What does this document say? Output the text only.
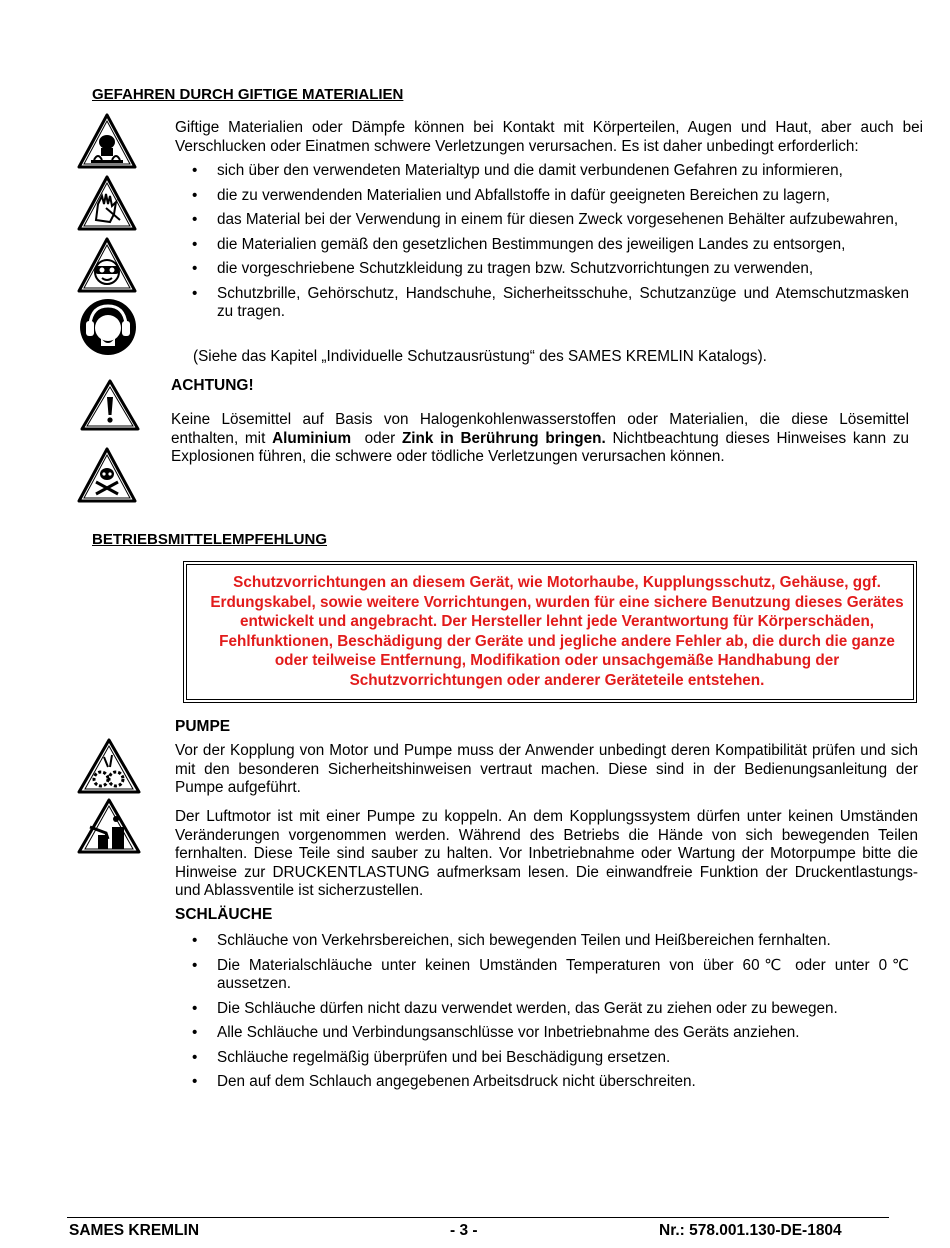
GEFAHREN DURCH GIFTIGE MATERIALIEN
Giftige Materialien oder Dämpfe können bei Kontakt mit Körperteilen, Augen und Haut, aber auch bei Verschlucken oder Einatmen schwere Verletzungen verursachen. Es ist daher unbedingt erforderlich:
• sich über den verwendeten Materialtyp und die damit verbundenen Gefahren zu informieren,
• die zu verwendenden Materialien und Abfallstoffe in dafür geeigneten Bereichen zu lagern,
• das Material bei der Verwendung in einem für diesen Zweck vorgesehenen Behälter aufzubewahren,
• die Materialien gemäß den gesetzlichen Bestimmungen des jeweiligen Landes zu entsorgen,
• die vorgeschriebene Schutzkleidung zu tragen bzw. Schutzvorrichtungen zu verwenden,
• Schutzbrille, Gehörschutz, Handschuhe, Sicherheitsschuhe, Schutzanzüge und Atemschutzmasken zu tragen.
(Siehe das Kapitel „Individuelle Schutzausrüstung“ des SAMES KREMLIN Katalogs).
ACHTUNG!
Keine Lösemittel auf Basis von Halogenkohlenwasserstoffen oder Materialien, die diese Lösemittel enthalten, mit Aluminium  oder Zink in Berührung bringen. Nichtbeachtung dieses Hinweises kann zu Explosionen führen, die schwere oder tödliche Verletzungen verursachen können.
BETRIEBSMITTELEMPFEHLUNG

Schutzvorrichtungen an diesem Gerät, wie Motorhaube, Kupplungsschutz, Gehäuse, ggf. Erdungskabel, sowie weitere Vorrichtungen, wurden für eine sichere Benutzung dieses Gerätes entwickelt und angebracht. Der Hersteller lehnt jede Verantwortung für Körperschäden, Fehlfunktionen, Beschädigung der Geräte und jegliche andere Fehler ab, die durch die ganze oder teilweise Entfernung, Modifikation oder unsachgemäße Handhabung der Schutzvorrichtungen oder anderer Geräteteile entstehen.

PUMPE
Vor der Kopplung von Motor und Pumpe muss der Anwender unbedingt deren Kompatibilität prüfen und sich mit den besonderen Sicherheitshinweisen vertraut machen. Diese sind in der Bedienungsanleitung der Pumpe aufgeführt.
Der Luftmotor ist mit einer Pumpe zu koppeln. An dem Kopplungssystem dürfen unter keinen Umständen Veränderungen vorgenommen werden. Während des Betriebs die Hände von sich bewegenden Teilen fernhalten. Diese Teile sind sauber zu halten. Vor Inbetriebnahme oder Wartung der Motorpumpe bitte die Hinweise zur DRUCKENTLASTUNG aufmerksam lesen. Die einwandfreie Funktion der Druckentlastungs- und Ablassventile ist sicherzustellen.
SCHLÄUCHE
• Schläuche von Verkehrsbereichen, sich bewegenden Teilen und Heißbereichen fernhalten.
• Die Materialschläuche unter keinen Umständen Temperaturen von über 60℃ oder unter 0℃ aussetzen.
• Die Schläuche dürfen nicht dazu verwendet werden, das Gerät zu ziehen oder zu bewegen.
• Alle Schläuche und Verbindungsanschlüsse vor Inbetriebnahme des Geräts anziehen.
• Schläuche regelmäßig überprüfen und bei Beschädigung ersetzen.
• Den auf dem Schlauch angegebenen Arbeitsdruck nicht überschreiten.
SAMES KREMLIN	- 3 -	Nr.: 578.001.130-DE-1804
